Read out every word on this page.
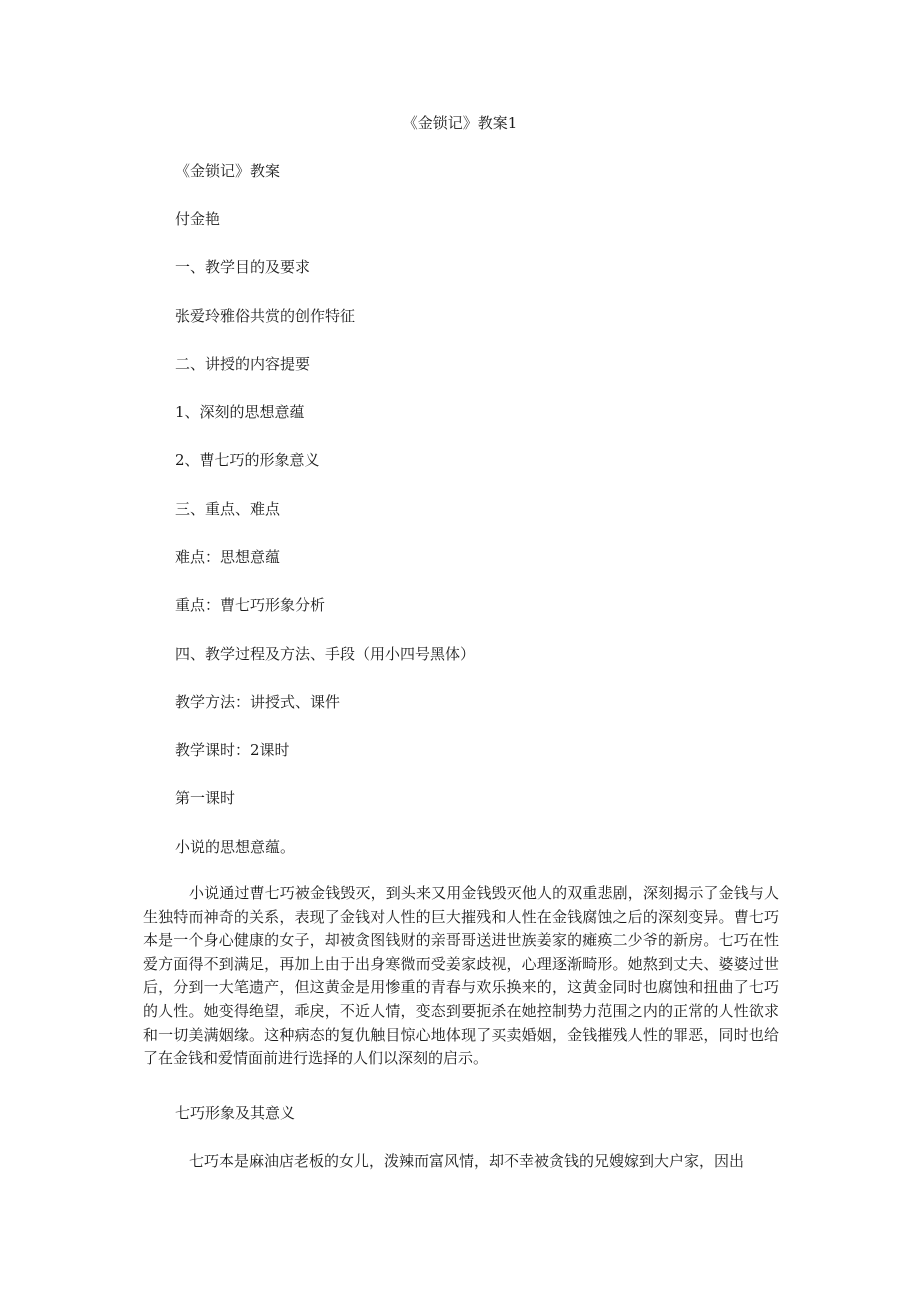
《金锁记》教案1
《金锁记》教案
付金艳
一、教学目的及要求
张爱玲雅俗共赏的创作特征
二、讲授的内容提要
1、深刻的思想意蕴
2、曹七巧的形象意义
三、重点、难点
难点：思想意蕴
重点：曹七巧形象分析
四、教学过程及方法、手段（用小四号黑体）
教学方法：讲授式、课件
教学课时：2课时
第一课时
小说的思想意蕴。
小说通过曹七巧被金钱毁灭，到头来又用金钱毁灭他人的双重悲剧，深刻揭示了金钱与人生独特而神奇的关系，表现了金钱对人性的巨大摧残和人性在金钱腐蚀之后的深刻变异。曹七巧本是一个身心健康的女子，却被贪图钱财的亲哥哥送进世族姜家的瘫痪二少爷的新房。七巧在性爱方面得不到满足，再加上由于出身寒微而受姜家歧视，心理逐渐畸形。她熬到丈夫、婆婆过世后，分到一大笔遗产，但这黄金是用惨重的青春与欢乐换来的，这黄金同时也腐蚀和扭曲了七巧的人性。她变得绝望，乖戾，不近人情，变态到要扼杀在她控制势力范围之内的正常的人性欲求和一切美满姻缘。这种病态的复仇触目惊心地体现了买卖婚姻，金钱摧残人性的罪恶，同时也给了在金钱和爱情面前进行选择的人们以深刻的启示。
七巧形象及其意义
七巧本是麻油店老板的女儿，泼辣而富风情，却不幸被贪钱的兄嫂嫁到大户家，因出
